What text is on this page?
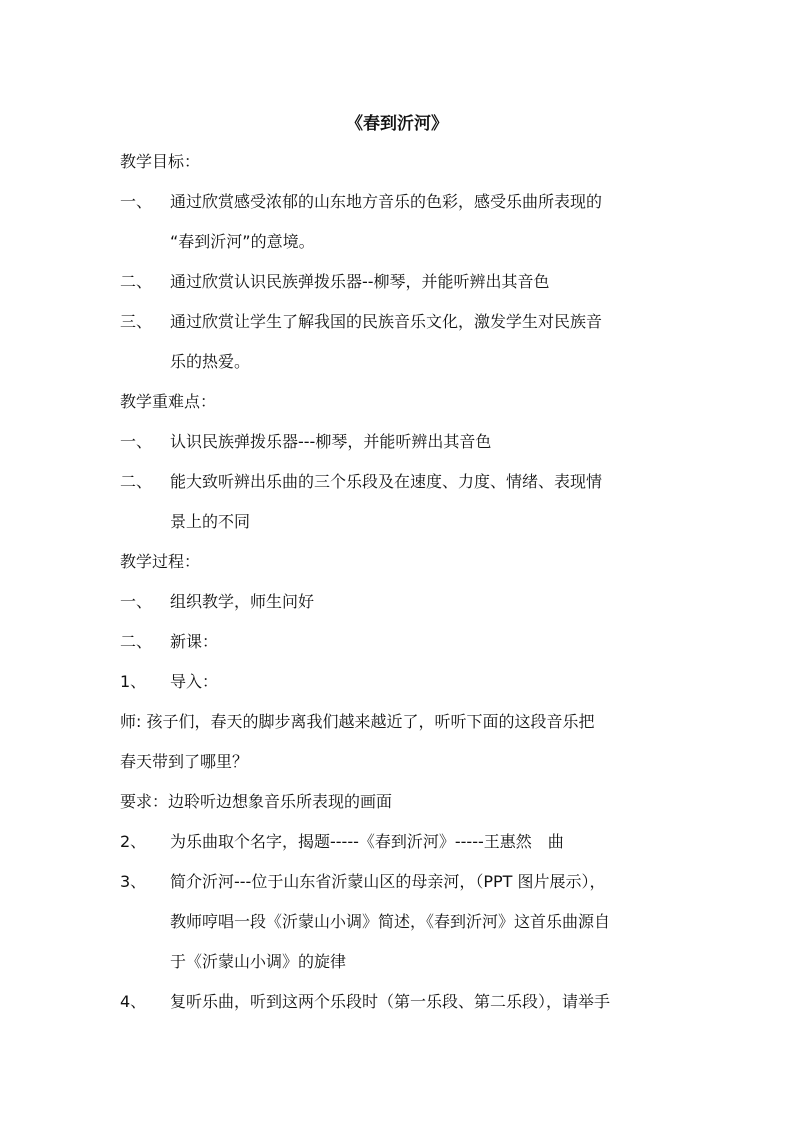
《春到沂河》
教学目标：
一、 通过欣赏感受浓郁的山东地方音乐的色彩，感受乐曲所表现的
“春到沂河”的意境。
二、 通过欣赏认识民族弹拨乐器--柳琴，并能听辨出其音色
三、 通过欣赏让学生了解我国的民族音乐文化，激发学生对民族音
乐的热爱。
教学重难点：
一、 认识民族弹拨乐器---柳琴，并能听辨出其音色
二、 能大致听辨出乐曲的三个乐段及在速度、力度、情绪、表现情
景上的不同
教学过程：
一、 组织教学，师生问好
二、 新课：
1、 导入：
师: 孩子们，春天的脚步离我们越来越近了，听听下面的这段音乐把
春天带到了哪里？
要求：边聆听边想象音乐所表现的画面
2、 为乐曲取个名字，揭题-----《春到沂河》-----王惠然　曲
3、 简介沂河---位于山东省沂蒙山区的母亲河，（PPT 图片展示），
教师哼唱一段《沂蒙山小调》简述，《春到沂河》这首乐曲源自
于《沂蒙山小调》的旋律
4、 复听乐曲，听到这两个乐段时（第一乐段、第二乐段），请举手
